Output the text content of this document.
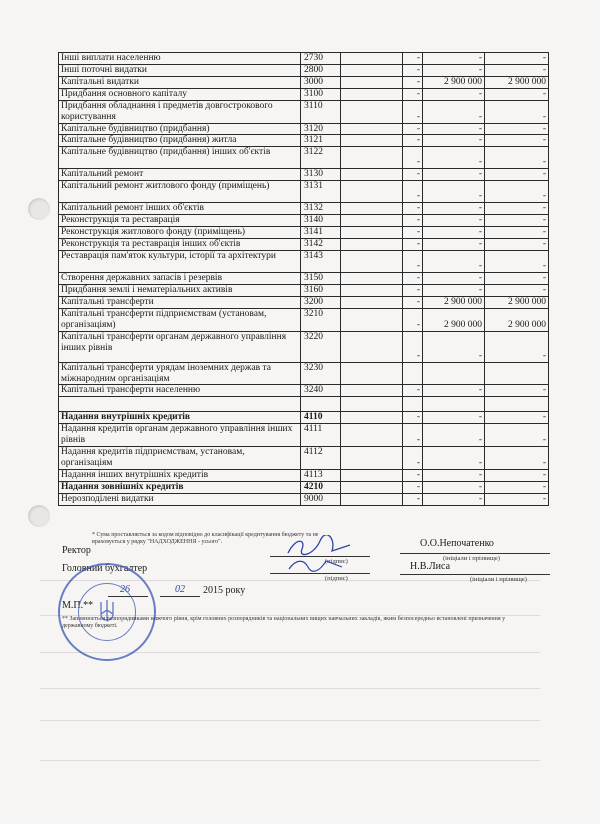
Інші виплати населенню	2730		-	-	-
Інші поточні видатки	2800		-	-	-
Капітальні видатки	3000		-	2 900 000	2 900 000
Придбання основного капіталу	3100		-	-	-
Придбання обладнання і предметів довгострокового користування	3110		-	-	-
Капітальне будівництво (придбання)	3120		-	-	-
Капітальне будівництво (придбання) житла	3121		-	-	-
Капітальне будівництво (придбання) інших об'єктів	3122		-	-	-
Капітальний ремонт	3130		-	-	-
Капітальний ремонт житлового фонду (приміщень)	3131		-	-	-
Капітальний ремонт інших об'єктів	3132		-	-	-
Реконструкція та реставрація	3140		-	-	-
Реконструкція житлового фонду (приміщень)	3141		-	-	-
Реконструкція та реставрація інших об'єктів	3142		-	-	-
Реставрація пам'яток культури, історії та архітектури	3143		-	-	-
Створення державних запасів і резервів	3150		-	-	-
Придбання землі і нематеріальних активів	3160		-	-	-
Капітальні трансферти	3200		-	2 900 000	2 900 000
Капітальні трансферти підприємствам (установам, організаціям)	3210		-	2 900 000	2 900 000
Капітальні трансферти органам державного управління інших рівнів	3220		-	-	-
Капітальні трансферти урядам іноземних держав та міжнародним організаціям	3230				
Капітальні трансферти населенню	3240		-	-	-

Надання внутрішніх кредитів	4110		-	-	-
Надання кредитів органам державного управління інших рівнів	4111		-	-	-
Надання кредитів підприємствам, установам, організаціям	4112		-	-	-
Надання інших внутрішніх кредитів	4113		-	-	-
Надання зовнішніх кредитів	4210		-	-	-
Нерозподілені видатки	9000		-	-	-
* Сума проставляється за кодом відповідно до класифікації кредитування бюджету та не враховується у рядку "НАДХОДЖЕННЯ - усього".
Ректор
(підпис)
О.О.Непочатенко
(ініціали і прізвище)
Головний бухгалтер
(підпис)
Н.В.Лиса
(ініціали і прізвище)
26	02 2015 року
М.П.**
** Заповнюється розпорядниками нижчого рівня, крім головних розпорядників та національних вищих навчальних закладів, яким безпосередньо встановлені призначення у державному бюджеті.
